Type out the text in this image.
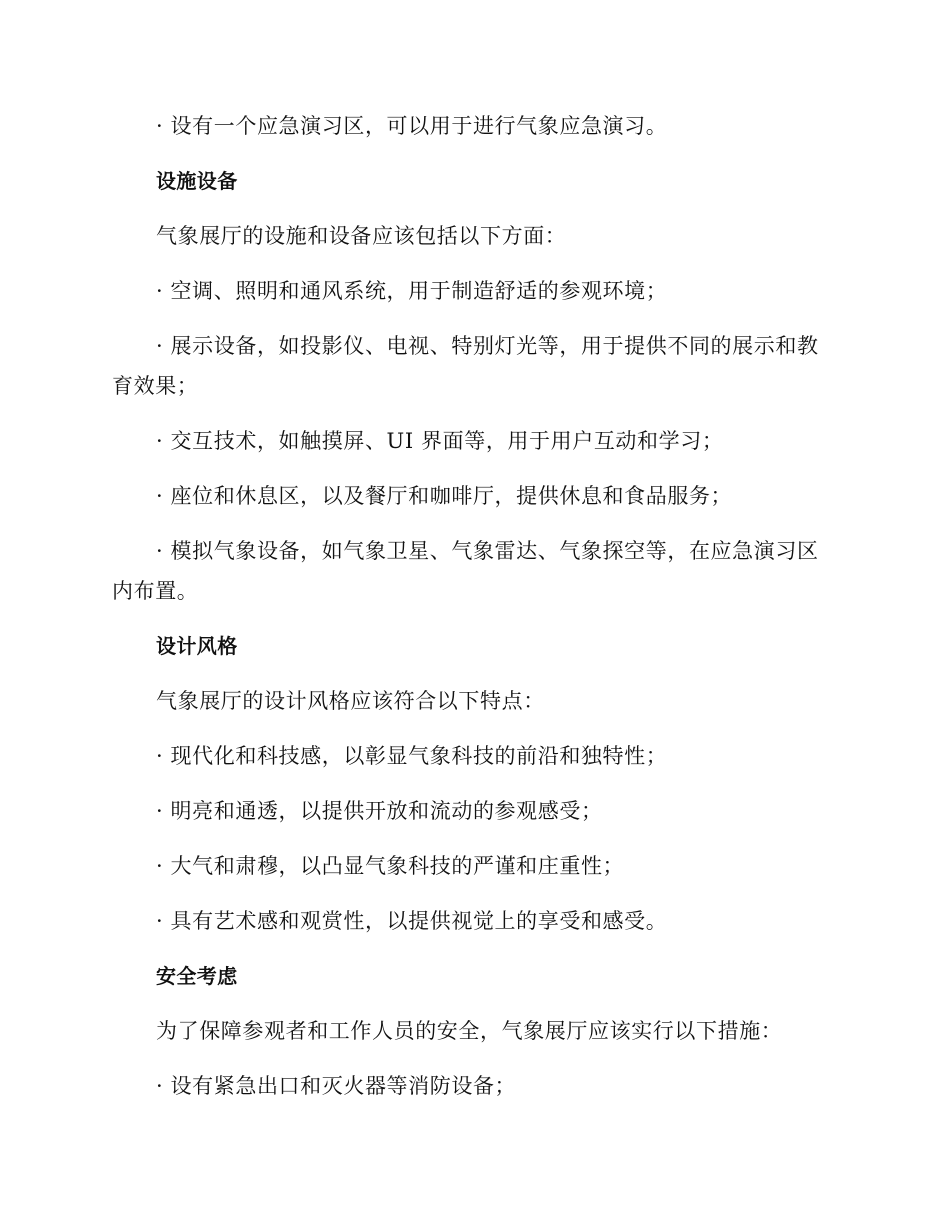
· 设有一个应急演习区，可以用于进行气象应急演习。

设施设备

气象展厅的设施和设备应该包括以下方面：

· 空调、照明和通风系统，用于制造舒适的参观环境；

· 展示设备，如投影仪、电视、特别灯光等，用于提供不同的展示和教育效果；

· 交互技术，如触摸屏、UI 界面等，用于用户互动和学习；

· 座位和休息区，以及餐厅和咖啡厅，提供休息和食品服务；

· 模拟气象设备，如气象卫星、气象雷达、气象探空等，在应急演习区内布置。

设计风格

气象展厅的设计风格应该符合以下特点：

· 现代化和科技感，以彰显气象科技的前沿和独特性；

· 明亮和通透，以提供开放和流动的参观感受；

· 大气和肃穆，以凸显气象科技的严谨和庄重性；

· 具有艺术感和观赏性，以提供视觉上的享受和感受。

安全考虑

为了保障参观者和工作人员的安全，气象展厅应该实行以下措施：

· 设有紧急出口和灭火器等消防设备；
